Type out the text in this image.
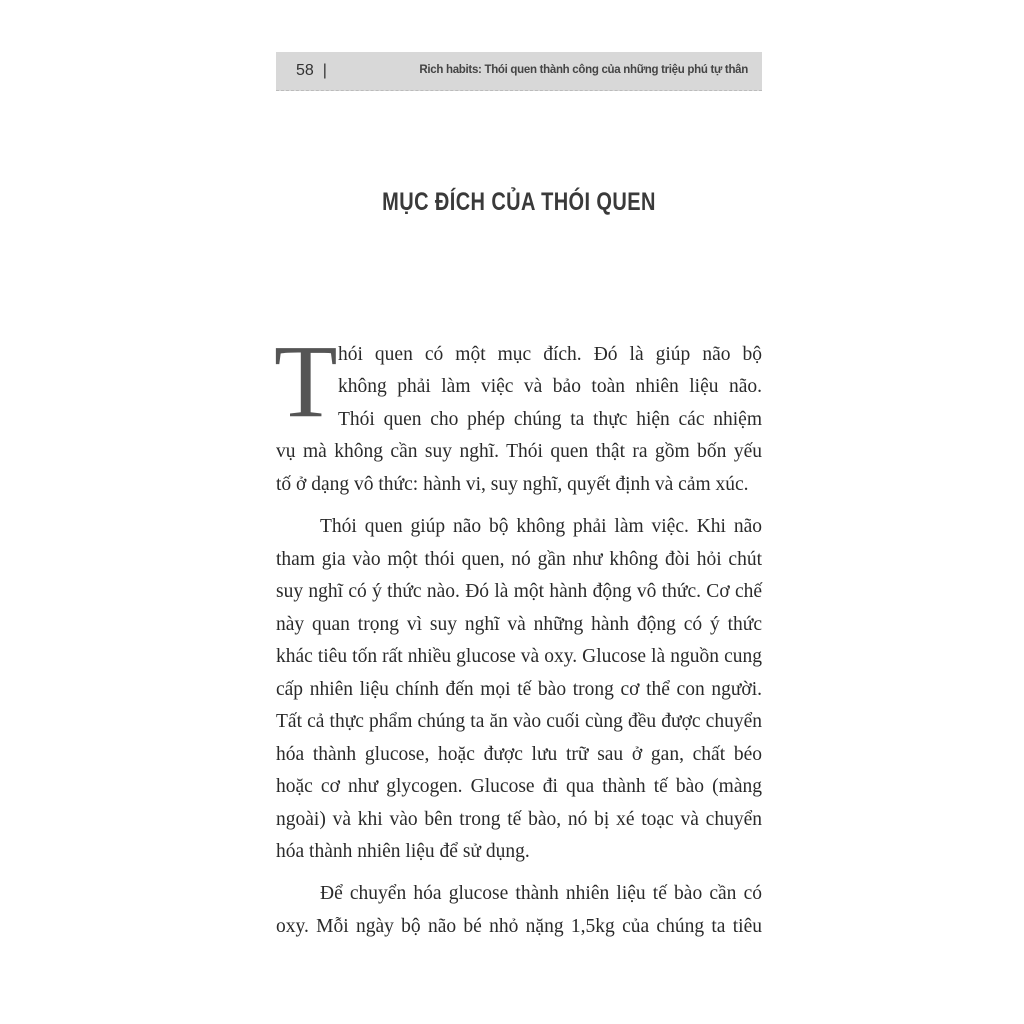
58 |	Rich habits: Thói quen thành công của những triệu phú tự thân
MỤC ĐÍCH CỦA THÓI QUEN
T hói quen có một mục đích. Đó là giúp não bộ
không phải làm việc và bảo toàn nhiên liệu não.
Thói quen cho phép chúng ta thực hiện các nhiệm
vụ mà không cần suy nghĩ. Thói quen thật ra gồm bốn yếu
tố ở dạng vô thức: hành vi, suy nghĩ, quyết định và cảm xúc.
Thói quen giúp não bộ không phải làm việc. Khi não
tham gia vào một thói quen, nó gần như không đòi hỏi chút
suy nghĩ có ý thức nào. Đó là một hành động vô thức. Cơ chế
này quan trọng vì suy nghĩ và những hành động có ý thức
khác tiêu tốn rất nhiều glucose và oxy. Glucose là nguồn cung
cấp nhiên liệu chính đến mọi tế bào trong cơ thể con người.
Tất cả thực phẩm chúng ta ăn vào cuối cùng đều được chuyển
hóa thành glucose, hoặc được lưu trữ sau ở gan, chất béo
hoặc cơ như glycogen. Glucose đi qua thành tế bào (màng
ngoài) và khi vào bên trong tế bào, nó bị xé toạc và chuyển
hóa thành nhiên liệu để sử dụng.
Để chuyển hóa glucose thành nhiên liệu tế bào cần có
oxy. Mỗi ngày bộ não bé nhỏ nặng 1,5kg của chúng ta tiêu
